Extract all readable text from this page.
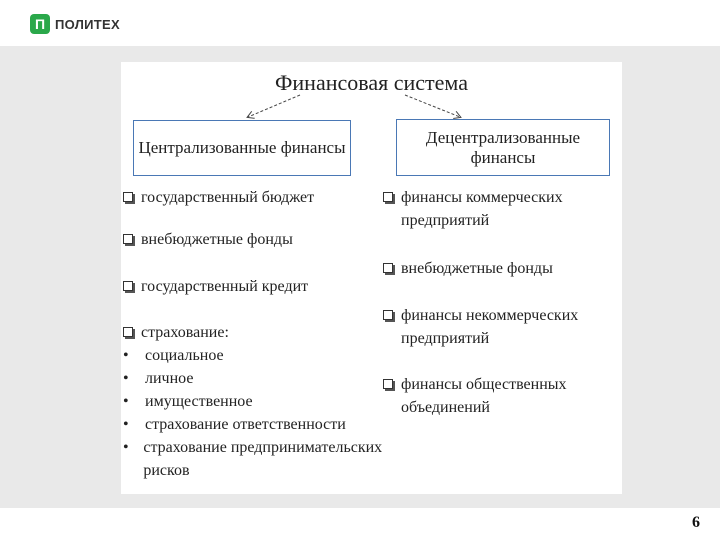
П ПОЛИТЕХ
Финансовая система
Централизованные финансы
Децентрализованные финансы
государственный бюджет
внебюджетные фонды
государственный кредит
страхование:
•	социальное
•	личное
•	имущественное
•	страхование ответственности
• страхование предпринимательских рисков
финансы коммерческих предприятий
внебюджетные фонды
финансы некоммерческих предприятий
финансы общественных объединений
6
